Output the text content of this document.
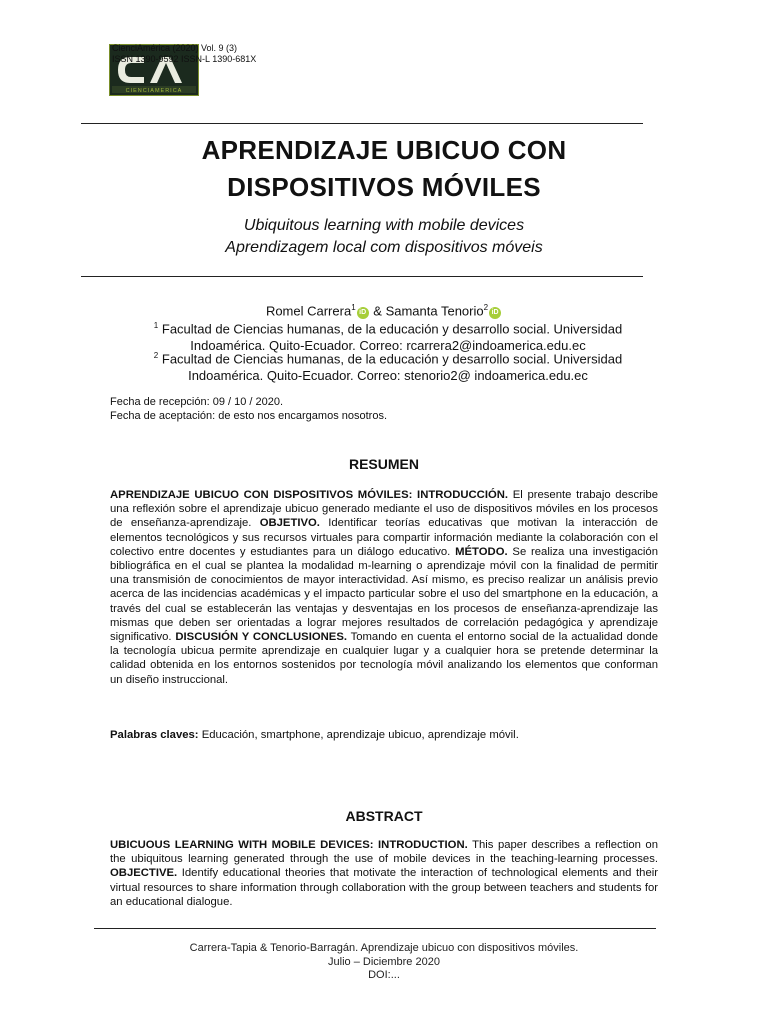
CIENCIAMERICA
CienciAmérica (2020) Vol. 9 (3)
ISSN 1390-9592 ISSN-L 1390-681X
APRENDIZAJE UBICUO CON
DISPOSITIVOS MÓVILES
Ubiquitous learning with mobile devices
Aprendizagem local com dispositivos móveis
Romel Carrera$^1$iD & Samanta Tenorio$^2$iD
$^1$ Facultad de Ciencias humanas, de la educación y desarrollo social. Universidad Indoamérica. Quito-Ecuador. Correo: rcarrera2@indoamerica.edu.ec
$^2$ Facultad de Ciencias humanas, de la educación y desarrollo social. Universidad Indoamérica. Quito-Ecuador. Correo: stenorio2@ indoamerica.edu.ec
Fecha de recepción: 09 / 10 / 2020.
Fecha de aceptación: de esto nos encargamos nosotros.
RESUMEN
APRENDIZAJE UBICUO CON DISPOSITIVOS MÓVILES: INTRODUCCIÓN. El presente trabajo describe una reflexión sobre el aprendizaje ubicuo generado mediante el uso de dispositivos móviles en los procesos de enseñanza-aprendizaje. OBJETIVO. Identificar teorías educativas que motivan la interacción de elementos tecnológicos y sus recursos virtuales para compartir información mediante la colaboración con el colectivo entre docentes y estudiantes para un diálogo educativo. MÉTODO. Se realiza una investigación bibliográfica en el cual se plantea la modalidad m-learning o aprendizaje móvil con la finalidad de permitir una transmisión de conocimientos de mayor interactividad. Así mismo, es preciso realizar un análisis previo acerca de las incidencias académicas y el impacto particular sobre el uso del smartphone en la educación, a través del cual se establecerán las ventajas y desventajas en los procesos de enseñanza-aprendizaje las mismas que deben ser orientadas a lograr mejores resultados de correlación pedagógica y aprendizaje significativo. DISCUSIÓN Y CONCLUSIONES. Tomando en cuenta el entorno social de la actualidad donde la tecnología ubicua permite aprendizaje en cualquier lugar y a cualquier hora se pretende determinar la calidad obtenida en los entornos sostenidos por tecnología móvil analizando los elementos que conforman un diseño instruccional.
Palabras claves: Educación, smartphone, aprendizaje ubicuo, aprendizaje móvil.
ABSTRACT
UBICUOUS LEARNING WITH MOBILE DEVICES: INTRODUCTION. This paper describes a reflection on the ubiquitous learning generated through the use of mobile devices in the teaching-learning processes. OBJECTIVE. Identify educational theories that motivate the interaction of technological elements and their virtual resources to share information through collaboration with the group between teachers and students for an educational dialogue.
Carrera-Tapia & Tenorio-Barragán. Aprendizaje ubicuo con dispositivos móviles.
Julio – Diciembre 2020
DOI:...
